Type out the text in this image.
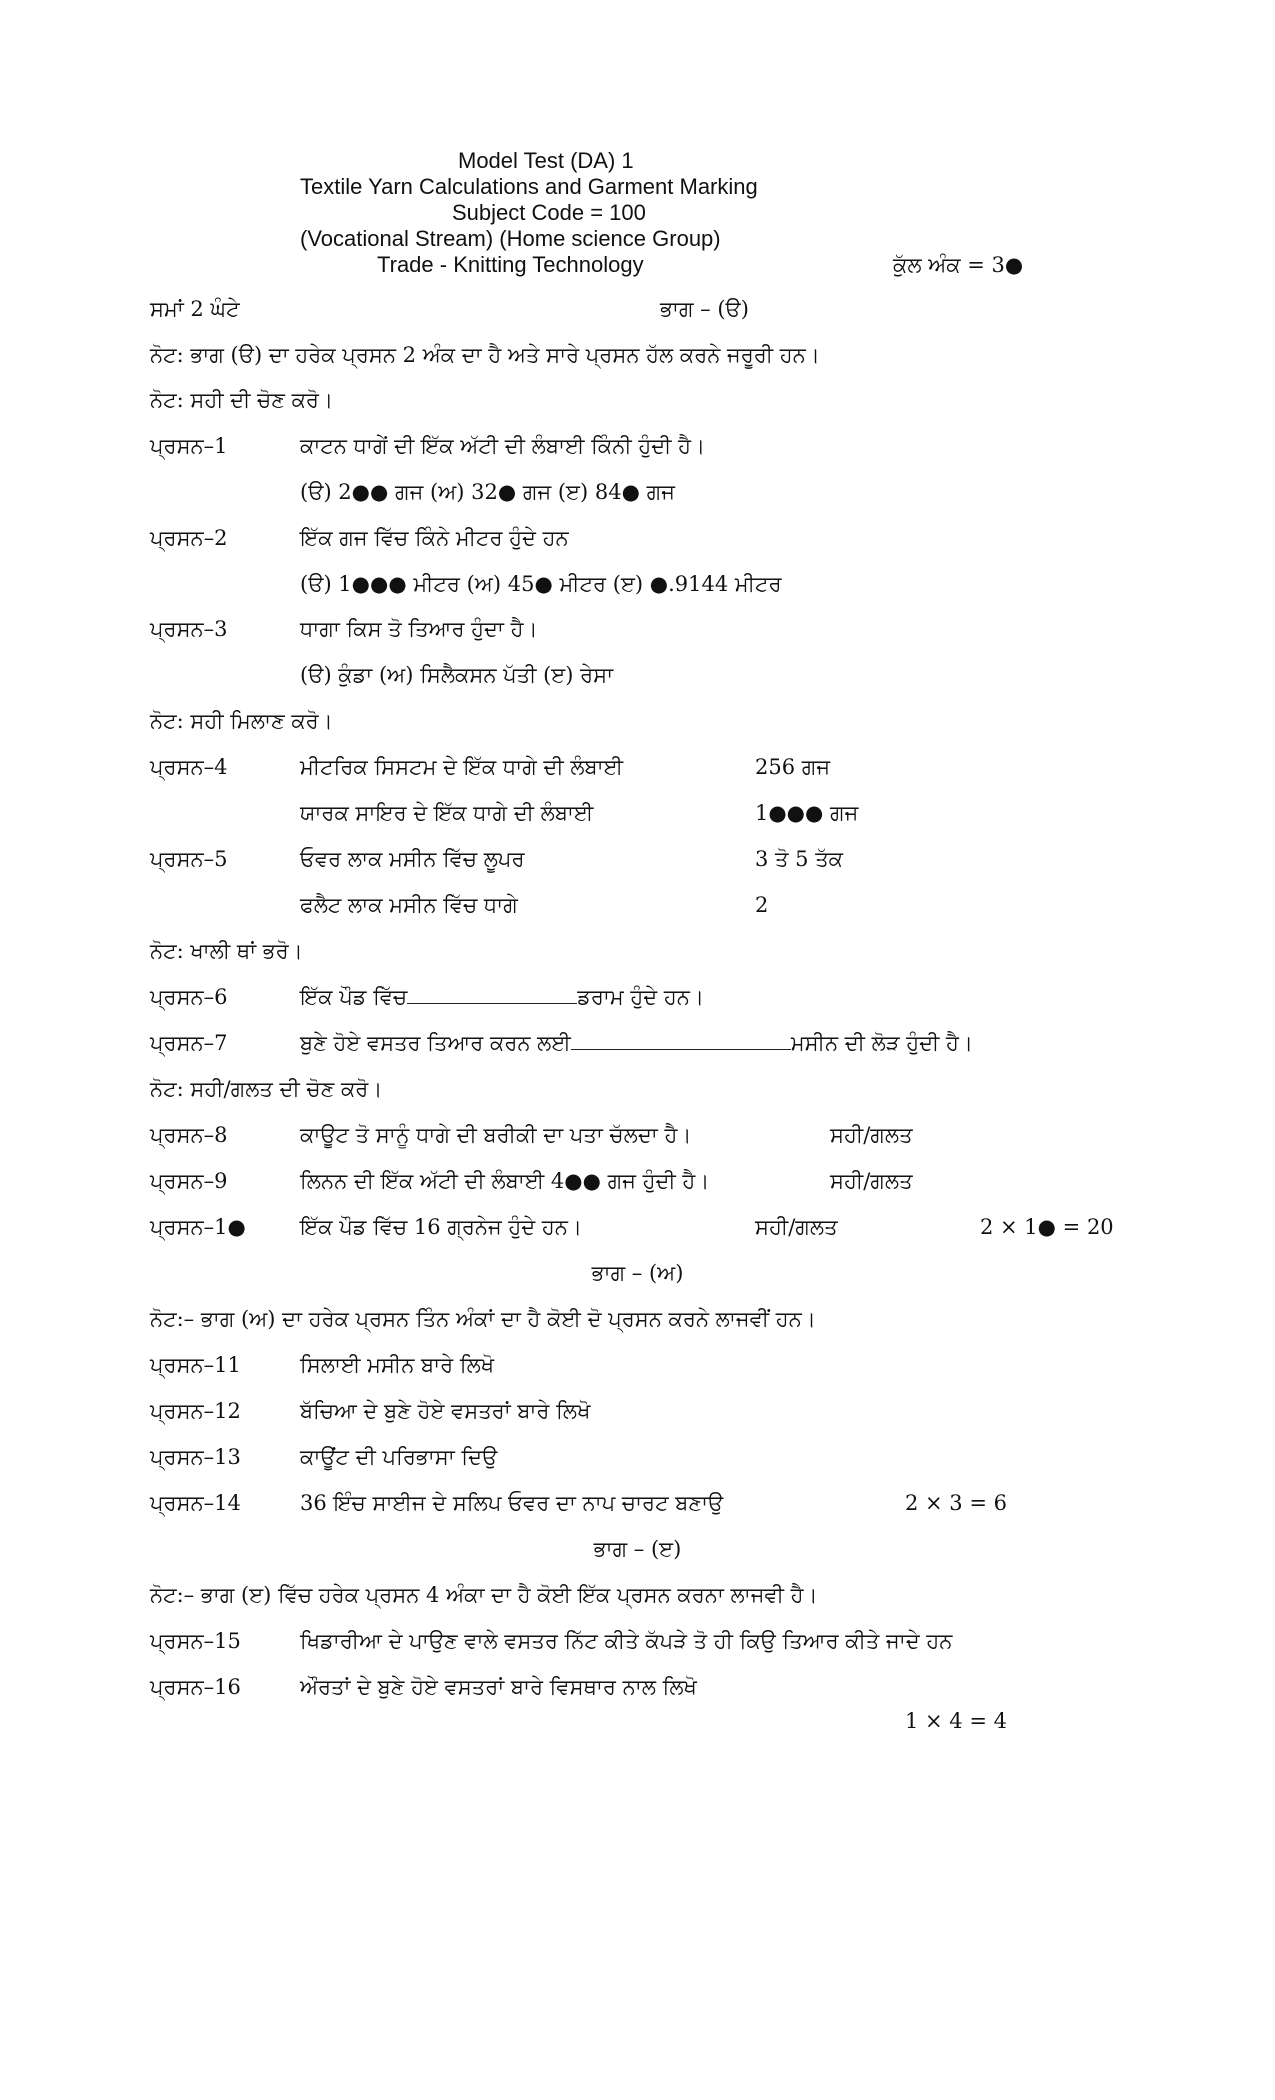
Model Test (DA) 1
Textile Yarn Calculations and Garment Marking
Subject Code = 100
(Vocational Stream) (Home science Group)
Trade - Knitting Technology	ਕੁੱਲ ਅੰਕ = 3●
ਸਮਾਂ 2 ਘੰਟੇ	ਭਾਗ – (ੳ)
ਨੋਟ: ਭਾਗ (ੳ) ਦਾ ਹਰੇਕ ਪ੍ਰਸਨ 2 ਅੰਕ ਦਾ ਹੈ ਅਤੇ ਸਾਰੇ ਪ੍ਰਸਨ ਹੱਲ ਕਰਨੇ ਜਰੂਰੀ ਹਨ।
ਨੋਟ: ਸਹੀ ਦੀ ਚੋਣ ਕਰੋ।
ਪ੍ਰਸਨ–1	ਕਾਟਨ ਧਾਗੇਂ ਦੀ ਇੱਕ ਅੱਟੀ ਦੀ ਲੰਬਾਈ ਕਿੰਨੀ ਹੁੰਦੀ ਹੈ।
(ੳ) 2●● ਗਜ (ਅ) 32● ਗਜ (ੲ) 84● ਗਜ
ਪ੍ਰਸਨ–2	ਇੱਕ ਗਜ ਵਿੱਚ ਕਿੰਨੇ ਮੀਟਰ ਹੁੰਦੇ ਹਨ
(ੳ) 1●●● ਮੀਟਰ (ਅ) 45● ਮੀਟਰ (ੲ) ●.9144 ਮੀਟਰ
ਪ੍ਰਸਨ–3	ਧਾਗਾ ਕਿਸ ਤੋ ਤਿਆਰ ਹੁੰਦਾ ਹੈ।
(ੳ) ਕੁੰਡਾ (ਅ) ਸਿਲੈਕਸਨ ਪੱਤੀ (ੲ) ਰੇਸਾ
ਨੋਟ: ਸਹੀ ਮਿਲਾਣ ਕਰੋ।
ਪ੍ਰਸਨ–4	ਮੀਟਰਿਕ ਸਿਸਟਮ ਦੇ ਇੱਕ ਧਾਗੇ ਦੀ ਲੰਬਾਈ	256 ਗਜ
ਯਾਰਕ ਸਾਇਰ ਦੇ ਇੱਕ ਧਾਗੇ ਦੀ ਲੰਬਾਈ	1●●● ਗਜ
ਪ੍ਰਸਨ–5	ਓਵਰ ਲਾਕ ਮਸੀਨ ਵਿੱਚ ਲੂਪਰ	3 ਤੋ 5 ਤੱਕ
ਫਲੈਟ ਲਾਕ ਮਸੀਨ ਵਿੱਚ ਧਾਗੇ	2
ਨੋਟ: ਖਾਲੀ ਥਾਂ ਭਰੋ।
ਪ੍ਰਸਨ–6	ਇੱਕ ਪੌਡ ਵਿੱਚ	ਡਰਾਮ ਹੁੰਦੇ ਹਨ।
ਪ੍ਰਸਨ–7	ਬੁਣੇ ਹੋਏ ਵਸਤਰ ਤਿਆਰ ਕਰਨ ਲਈ	ਮਸੀਨ ਦੀ ਲੋੜ ਹੁੰਦੀ ਹੈ।
ਨੋਟ: ਸਹੀ/ਗਲਤ ਦੀ ਚੋਣ ਕਰੋ।
ਪ੍ਰਸਨ–8	ਕਾਊਟ ਤੋ ਸਾਨੂੰ ਧਾਗੇ ਦੀ ਬਰੀਕੀ ਦਾ ਪਤਾ ਚੱਲਦਾ ਹੈ।	ਸਹੀ/ਗਲਤ
ਪ੍ਰਸਨ–9	ਲਿਨਨ ਦੀ ਇੱਕ ਅੱਟੀ ਦੀ ਲੰਬਾਈ 4●● ਗਜ ਹੁੰਦੀ ਹੈ।	ਸਹੀ/ਗਲਤ
ਪ੍ਰਸਨ–1●	ਇੱਕ ਪੌਡ ਵਿੱਚ 16 ਗ੍ਰਨੇਜ ਹੁੰਦੇ ਹਨ।	ਸਹੀ/ਗਲਤ	2 × 1● = 20
ਭਾਗ – (ਅ)
ਨੋਟ:– ਭਾਗ (ਅ) ਦਾ ਹਰੇਕ ਪ੍ਰਸਨ ਤਿੰਨ ਅੰਕਾਂ ਦਾ ਹੈ ਕੋਈ ਦੋ ਪ੍ਰਸਨ ਕਰਨੇ ਲਾਜਵੀਂ ਹਨ।
ਪ੍ਰਸਨ–11	ਸਿਲਾਈ ਮਸੀਨ ਬਾਰੇ ਲਿਖੋ
ਪ੍ਰਸਨ–12	ਬੱਚਿਆ ਦੇ ਬੁਣੇ ਹੋਏ ਵਸਤਰਾਂ ਬਾਰੇ ਲਿਖੋ
ਪ੍ਰਸਨ–13	ਕਾਊਂਟ ਦੀ ਪਰਿਭਾਸਾ ਦਿਉ
ਪ੍ਰਸਨ–14	36 ਇੰਚ ਸਾਈਜ ਦੇ ਸਲਿਪ ਓਵਰ ਦਾ ਨਾਪ ਚਾਰਟ ਬਣਾਉ	2 × 3 = 6
ਭਾਗ – (ੲ)
ਨੋਟ:– ਭਾਗ (ੲ) ਵਿੱਚ ਹਰੇਕ ਪ੍ਰਸਨ 4 ਅੰਕਾ ਦਾ ਹੈ ਕੋਈ ਇੱਕ ਪ੍ਰਸਨ ਕਰਨਾ ਲਾਜਵੀ ਹੈ।
ਪ੍ਰਸਨ–15	ਖਿਡਾਰੀਆ ਦੇ ਪਾਉਣ ਵਾਲੇ ਵਸਤਰ ਨਿੱਟ ਕੀਤੇ ਕੱਪੜੇ ਤੋ ਹੀ ਕਿਉ ਤਿਆਰ ਕੀਤੇ ਜਾਦੇ ਹਨ
ਪ੍ਰਸਨ–16	ਔਰਤਾਂ ਦੇ ਬੁਣੇ ਹੋਏ ਵਸਤਰਾਂ ਬਾਰੇ ਵਿਸਥਾਰ ਨਾਲ ਲਿਖੋ
1 × 4 = 4
